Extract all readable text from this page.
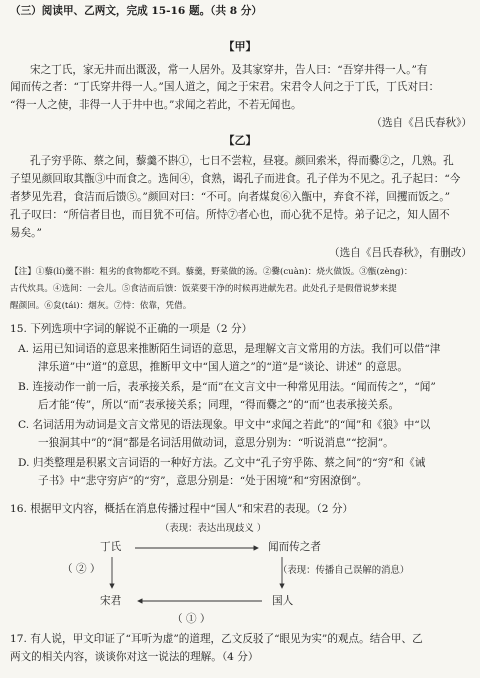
（三）阅读甲、乙两文，完成 15-16 题。（共 8 分）
【甲】
宋之丁氏，家无井而出溉汲，常一人居外。及其家穿井，告人曰：“吾穿井得一人。”有
闻而传之者：“丁氏穿井得一人。”国人道之，闻之于宋君。宋君令人问之于丁氏，丁氏对曰：
“得一人之使，非得一人于井中也。”求闻之若此，不若无闻也。
（选自《吕氏春秋》）
【乙】
孔子穷乎陈、蔡之间，藜羹不斟①，七日不尝粒，昼寝。颜回索米，得而爨②之，几熟。孔
子望见颜回取其甑③中而食之。选间④，食熟，谒孔子而进食。孔子佯为不见之。孔子起曰：“今
者梦见先君，食洁而后馈⑤。”颜回对曰：“不可。向者煤炱⑥入甑中，弃食不祥，回攫而饭之。”
孔子叹曰：“所信者目也，而目犹不可信。所恃⑦者心也，而心犹不足恃。弟子记之，知人固不
易矣。”
（选自《吕氏春秋》，有删改）
【注】①藜(lí)羹不斟：粗劣的食物都吃不到。藜羹，野菜做的汤。②爨(cuàn)：烧火做饭。③甑(zèng)：
古代炊具。④选间：一会儿。⑤食洁而后馈：饭菜要干净的时候再进献先君。此处孔子是假借说梦来提
醒颜回。⑥炱(tái)：烟灰。⑦恃：依靠，凭借。
15. 下列选项中字词的解说不正确的一项是（2 分）
A. 运用已知词语的意思来推断陌生词语的意思，是理解文言文常用的方法。我们可以借“津
津乐道”中“道”的意思，推断甲文中“国人道之”的“道”是“谈论、讲述” 的意思。
B. 连接动作一前一后，表承接关系，是“而”在文言文中一种常见用法。“闻而传之”，“闻”
后才能“传”，所以“而”表承接关系；同理，“得而爨之”的“而”也表承接关系。
C. 名词活用为动词是文言文常见的语法现象。甲文中“求闻之若此”的“闻”和《狼》中“以
一狼洞其中”的“洞”都是名词活用做动词，意思分别为：“听说消息”“挖洞”。
D. 归类整理是积累文言词语的一种好方法。乙文中“孔子穷乎陈、蔡之间”的“穷”和《诫
子书》中“悲守穷庐”的“穷”，意思分别是：“处于困境”和“穷困潦倒”。
16. 根据甲文内容，概括在消息传播过程中“国人”和宋君的表现。（2 分）
（表现：表达出现歧义 ）
丁氏	闻而传之者
（ ② ）	（表现：传播自己误解的消息）
宋君	国人
（ ① ）
17. 有人说，甲文印证了“耳听为虚”的道理，乙文反驳了“眼见为实”的观点。结合甲、乙
两文的相关内容，谈谈你对这一说法的理解。（4 分）
